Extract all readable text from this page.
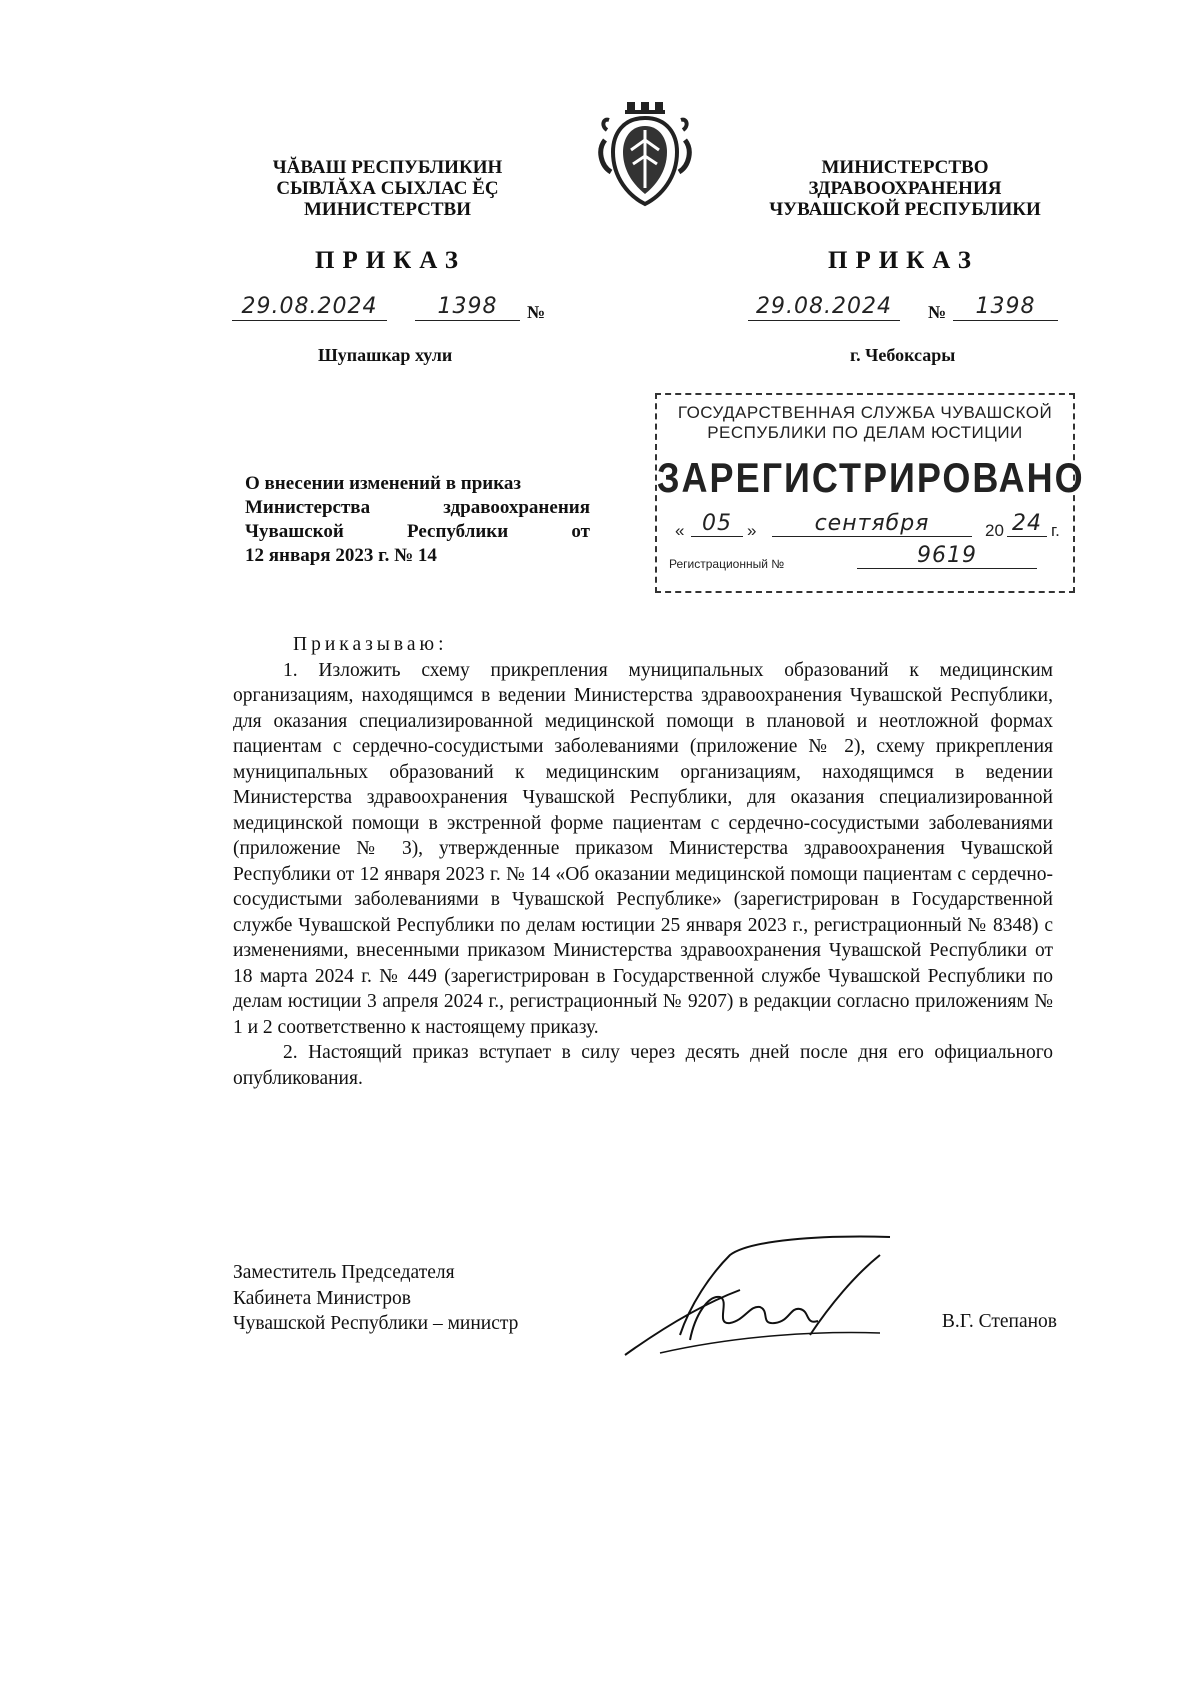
ЧĂВАШ РЕСПУБЛИКИН
СЫВЛĂХА СЫХЛАС ĔҪ
МИНИСТЕРСТВИ
МИНИСТЕРСТВО
ЗДРАВООХРАНЕНИЯ
ЧУВАШСКОЙ РЕСПУБЛИКИ
ПРИКАЗ	ПРИКАЗ
29.08.2024	1398	№
Шупашкар хули
29.08.2024	№	1398
г. Чебоксары
ГОСУДАРСТВЕННАЯ СЛУЖБА ЧУВАШСКОЙ
РЕСПУБЛИКИ ПО ДЕЛАМ ЮСТИЦИИ
ЗАРЕГИСТРИРОВАНО
« 05 »	сентября	20 24 г.
Регистрационный №	9619
О внесении изменений в приказ
Министерства здравоохранения
Чувашской Республики от
12 января 2023 г. № 14
Приказываю:

1. Изложить схему прикрепления муниципальных образований к медицинским организациям, находящимся в ведении Министерства здравоохранения Чувашской Республики, для оказания специализированной медицинской помощи в плановой и неотложной формах пациентам с сердечно-сосудистыми заболеваниями (приложение № 2), схему прикрепления муниципальных образований к медицинским организациям, находящимся в ведении Министерства здравоохранения Чувашской Республики, для оказания специализированной медицинской помощи в экстренной форме пациентам с сердечно-сосудистыми заболеваниями (приложение № 3), утвержденные приказом Министерства здравоохранения Чувашской Республики от 12 января 2023 г. № 14 «Об оказании медицинской помощи пациентам с сердечно-сосудистыми заболеваниями в Чувашской Республике» (зарегистрирован в Государственной службе Чувашской Республики по делам юстиции 25 января 2023 г., регистрационный № 8348) с изменениями, внесенными приказом Министерства здравоохранения Чувашской Республики от 18 марта 2024 г. № 449 (зарегистрирован в Государственной службе Чувашской Республики по делам юстиции 3 апреля 2024 г., регистрационный № 9207) в редакции согласно приложениям № 1 и 2 соответственно к настоящему приказу.

2. Настоящий приказ вступает в силу через десять дней после дня его официального опубликования.

Заместитель Председателя
Кабинета Министров
Чувашской Республики – министр	В.Г. Степанов
